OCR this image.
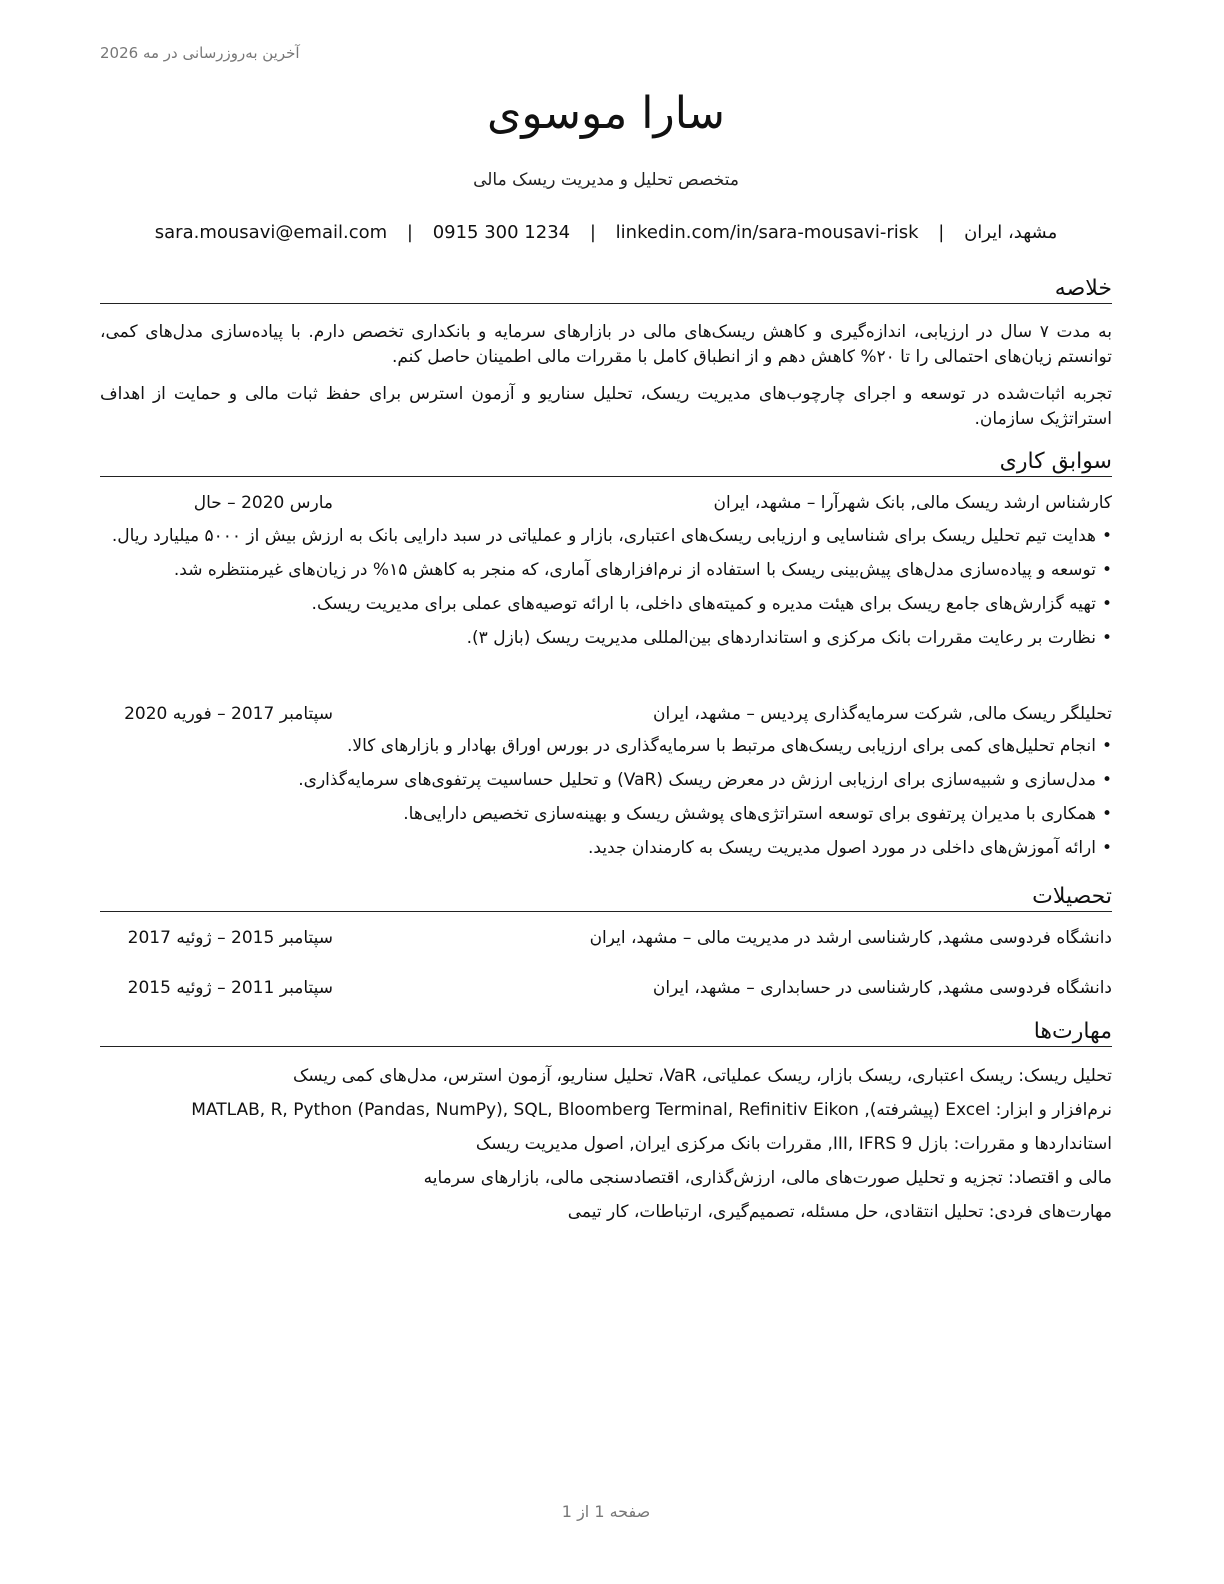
آخرین به‌روزرسانی در مه 2026
سارا موسوی
متخصص تحلیل و مدیریت ریسک مالی
مشهد، ایران | sara.mousavi@email.com | 0915 300 1234 | linkedin.com/in/sara-mousavi-risk
خلاصه
به مدت ۷ سال در ارزیابی، اندازه‌گیری و کاهش ریسک‌های مالی در بازارهای سرمایه و بانکداری تخصص دارم. با پیاده‌سازی مدل‌های کمی، توانستم زیان‌های احتمالی را تا ۲۰% کاهش دهم و از انطباق کامل با مقررات مالی اطمینان حاصل کنم.
تجربه اثبات‌شده در توسعه و اجرای چارچوب‌های مدیریت ریسک، تحلیل سناریو و آزمون استرس برای حفظ ثبات مالی و حمایت از اهداف استراتژیک سازمان.
سوابق کاری
کارشناس ارشد ریسک مالی, بانک شهرآرا – مشهد، ایران
مارس 2020 – حال
• هدایت تیم تحلیل ریسک برای شناسایی و ارزیابی ریسک‌های اعتباری، بازار و عملیاتی در سبد دارایی بانک به ارزش بیش از ۵۰۰۰ میلیارد ریال.
• توسعه و پیاده‌سازی مدل‌های پیش‌بینی ریسک با استفاده از نرم‌افزارهای آماری، که منجر به کاهش ۱۵% در زیان‌های غیرمنتظره شد.
• تهیه گزارش‌های جامع ریسک برای هیئت مدیره و کمیته‌های داخلی، با ارائه توصیه‌های عملی برای مدیریت ریسک.
• نظارت بر رعایت مقررات بانک مرکزی و استانداردهای بین‌المللی مدیریت ریسک (بازل ۳).
تحلیلگر ریسک مالی, شرکت سرمایه‌گذاری پردیس – مشهد، ایران
سپتامبر 2017 – فوریه 2020
• انجام تحلیل‌های کمی برای ارزیابی ریسک‌های مرتبط با سرمایه‌گذاری در بورس اوراق بهادار و بازارهای کالا.
• مدل‌سازی و شبیه‌سازی برای ارزیابی ارزش در معرض ریسک (VaR) و تحلیل حساسیت پرتفوی‌های سرمایه‌گذاری.
• همکاری با مدیران پرتفوی برای توسعه استراتژی‌های پوشش ریسک و بهینه‌سازی تخصیص دارایی‌ها.
• ارائه آموزش‌های داخلی در مورد اصول مدیریت ریسک به کارمندان جدید.
تحصیلات
دانشگاه فردوسی مشهد, کارشناسی ارشد در مدیریت مالی – مشهد، ایران
سپتامبر 2015 – ژوئیه 2017
دانشگاه فردوسی مشهد, کارشناسی در حسابداری – مشهد، ایران
سپتامبر 2011 – ژوئیه 2015
مهارت‌ها
تحلیل ریسک: ریسک اعتباری، ریسک بازار، ریسک عملیاتی، VaR، تحلیل سناریو، آزمون استرس، مدل‌های کمی ریسک
نرم‌افزار و ابزار: Excel (پیشرفته), MATLAB, R, Python (Pandas, NumPy), SQL, Bloomberg Terminal, Refinitiv Eikon
استانداردها و مقررات: بازل III, IFRS 9, مقررات بانک مرکزی ایران, اصول مدیریت ریسک
مالی و اقتصاد: تجزیه و تحلیل صورت‌های مالی، ارزش‌گذاری، اقتصادسنجی مالی، بازارهای سرمایه
مهارت‌های فردی: تحلیل انتقادی، حل مسئله، تصمیم‌گیری، ارتباطات، کار تیمی
صفحه 1 از 1
